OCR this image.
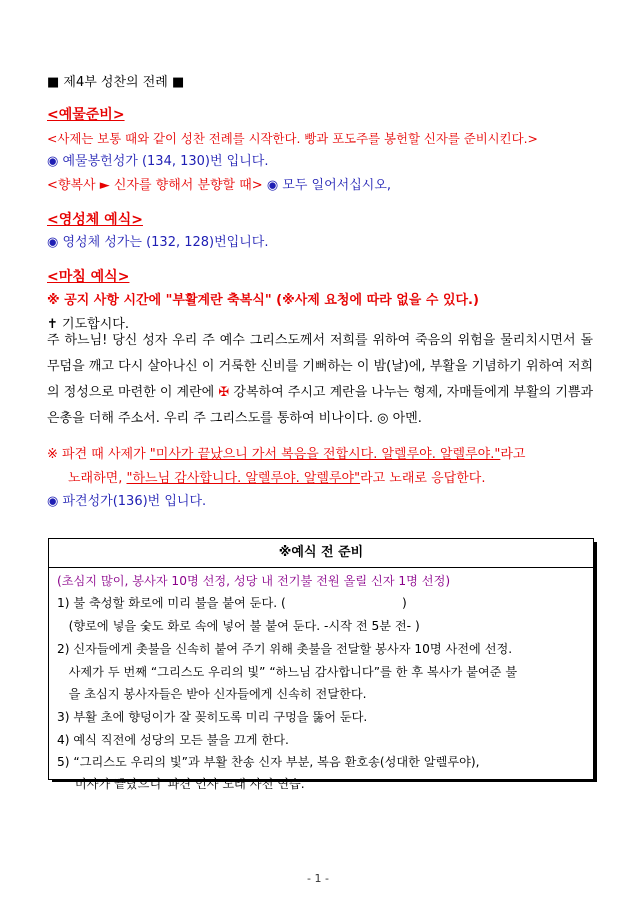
■ 제4부 성찬의 전례 ■
<예물준비>
<사제는 보통 때와 같이 성찬 전례를 시작한다. 빵과 포도주를 봉헌할 신자를 준비시킨다.>
◉ 예물봉헌성가 (134, 130)번 입니다.
<향복사 ► 신자를 향해서 분향할 때> ◉ 모두 일어서십시오,
<영성체 예식>
◉ 영성체 성가는 (132, 128)번입니다.
<마침 예식>
※ 공지 사항 시간에 "부활계란 축복식" (※사제 요청에 따라 없을 수 있다.)
✝ 기도합시다.
주 하느님! 당신 성자 우리 주 예수 그리스도께서 저희를 위하여 죽음의 위험을 물리치시면서 돌무덤을 깨고 다시 살아나신 이 거룩한 신비를 기뻐하는 이 밤(날)에, 부활을 기념하기 위하여 저희의 정성으로 마련한 이 계란에 ✠ 강복하여 주시고 계란을 나누는 형제, 자매들에게 부활의 기쁨과 은총을 더해 주소서. 우리 주 그리스도를 통하여 비나이다. ◎ 아멘.
※ 파견 때 사제가 "미사가 끝났으니 가서 복음을 전합시다. 알렐루야. 알렐루야."라고
노래하면, "하느님 감사합니다. 알렐루야. 알렐루야"라고 노래로 응답한다.
◉ 파견성가(136)번 입니다.
※예식 전 준비
(초심지 많이, 봉사자 10명 선정, 성당 내 전기불 전원 올릴 신자 1명 선정)
1) 불 축성할 화로에 미리 불을 붙여 둔다. (                              )
(향로에 넣을 숯도 화로 속에 넣어 불 붙여 둔다. -시작 전 5분 전- )
2) 신자들에게 촛불을 신속히 붙여 주기 위해 촛불을 전달할 봉사자 10명 사전에 선정.
사제가 두 번째 “그리스도 우리의 빛” “하느님 감사합니다”를 한 후 복사가 붙여준 불
을 초심지 봉사자들은 받아 신자들에게 신속히 전달한다.
3) 부활 초에 향덩이가 잘 꽂히도록 미리 구멍을 뚫어 둔다.
4) 예식 직전에 성당의 모든 불을 끄게 한다.
5) “그리스도 우리의 빛”과 부활 찬송 신자 부분, 복음 환호송(성대한 알렐루야),
“미사가 끝났으니”파견 인사 노래 사전 연습.
- 1 -
